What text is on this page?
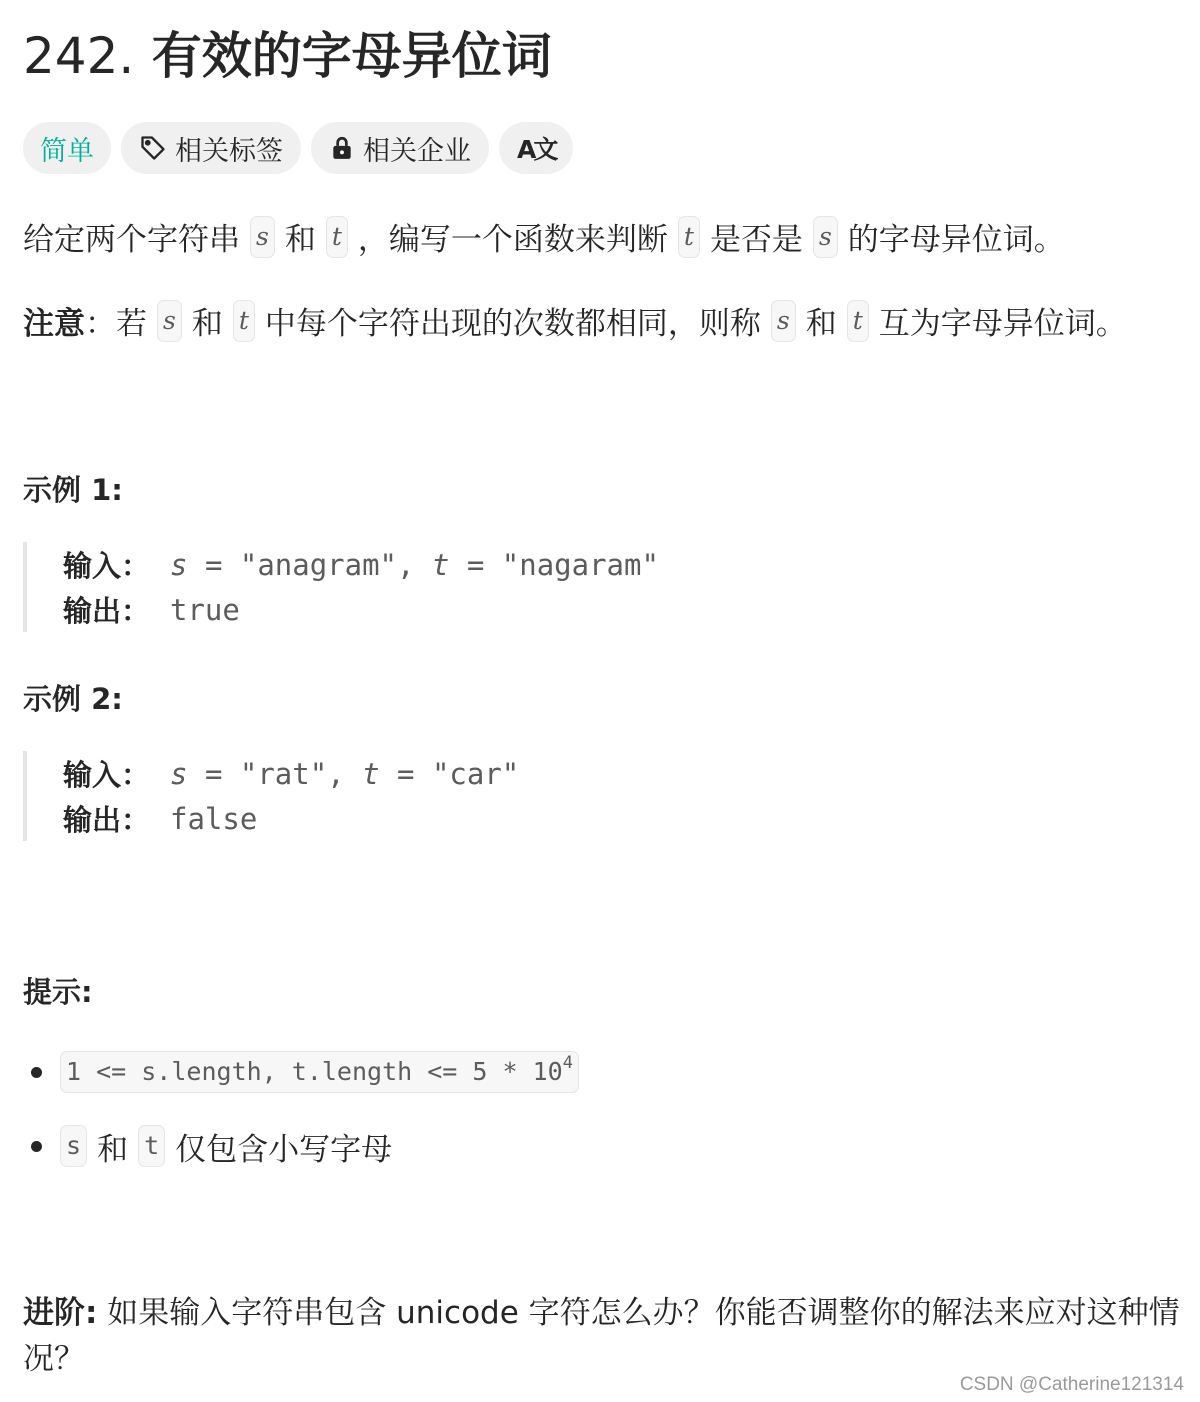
242. 有效的字母异位词
简单	相关标签	相关企业 A文
给定两个字符串 s 和 t ，编写一个函数来判断 t 是否是 s 的字母异位词。
注意 ：若 s 和 t 中每个字符出现的次数都相同，则称 s 和 t 互为字母异位词。
示例 1:
输入： s = "anagram", t = "nagaram"
输出： true
示例 2:
输入： s = "rat", t = "car"
输出： false
提示:
1 <= s.length, t.length <= $5 * 10^4$
s 和 t 仅包含小写字母
进阶: 如果输入字符串包含 unicode 字符怎么办？你能否调整你的解法来应对这种情况？
CSDN @Catherine121314
